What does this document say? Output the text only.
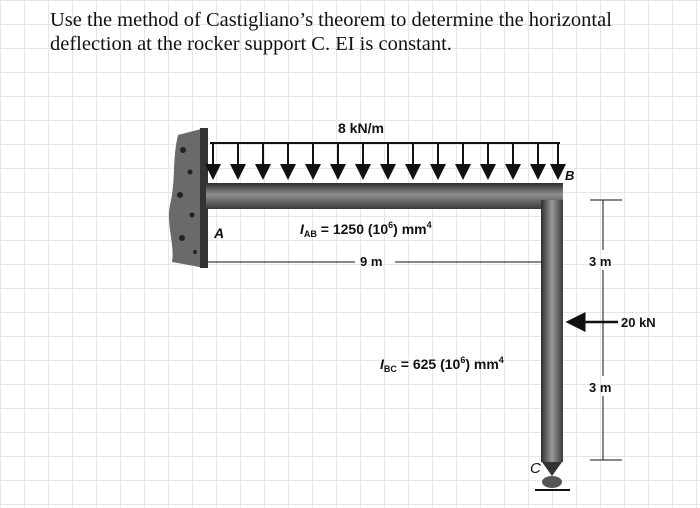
Use the method of Castigliano’s theorem to determine the horizontal
deflection at the rocker support C. EI is constant.
8 kN/m
A
B
C
$I_{AB} = 1250$ $(10^6)$ $mm^4$
9 m
$I_{BC} = 625$ $(10^6)$ $mm^4$
3 m
3 m
20 kN
